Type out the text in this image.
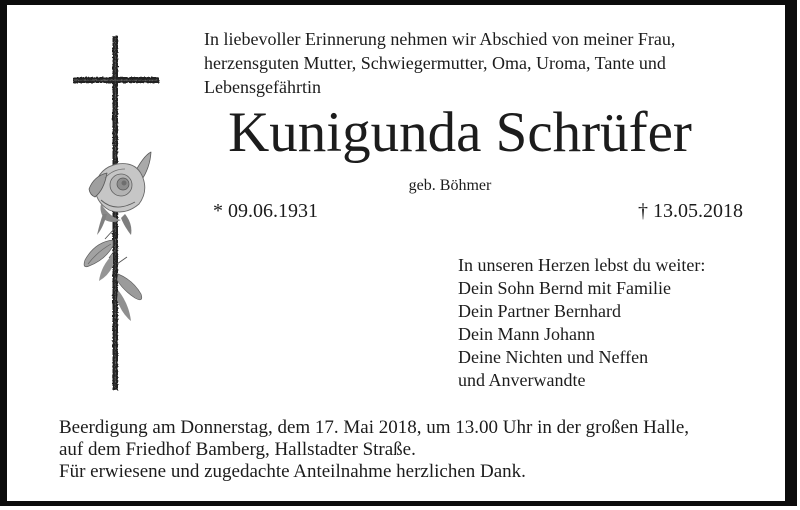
In liebevoller Erinnerung nehmen wir Abschied von meiner Frau,
herzensguten Mutter, Schwiegermutter, Oma, Uroma, Tante und
Lebensgefährtin
Kunigunda Schrüfer
geb. Böhmer
* 09.06.1931	† 13.05.2018
In unseren Herzen lebst du weiter:
Dein Sohn Bernd mit Familie
Dein Partner Bernhard
Dein Mann Johann
Deine Nichten und Neffen
und Anverwandte
Beerdigung am Donnerstag, dem 17. Mai 2018, um 13.00 Uhr in der großen Halle,
auf dem Friedhof Bamberg, Hallstadter Straße.
Für erwiesene und zugedachte Anteilnahme herzlichen Dank.
